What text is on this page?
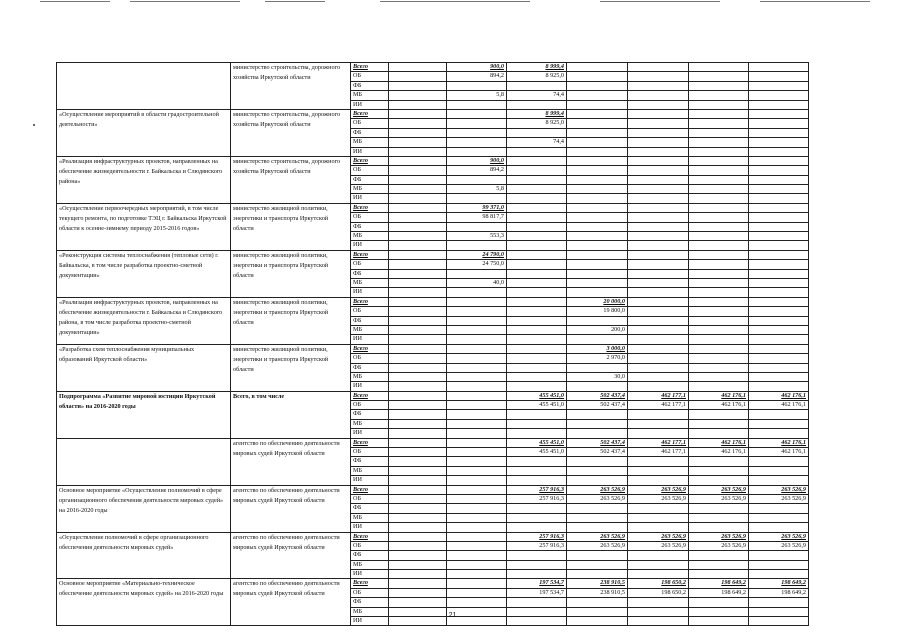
	министерство строительства, дорожного хозяйства Иркутской области	Всего		900,0	8 999,4				
		ОБ		894,2	8 925,0				
		ФБ							
		МБ		5,8	74,4				
		ИИ							
«Осуществление мероприятий в области градостроительной деятельности»	министерство строительства, дорожного хозяйства Иркутской области	Всего			8 999,4				
		ОБ			8 925,0				
		ФБ							
		МБ			74,4				
		ИИ							
«Реализация инфраструктурных проектов, направленных на обеспечение жизнедеятельности г. Байкальска и Слюдянского района»	министерство строительства, дорожного хозяйства Иркутской области	Всего		900,0					
		ОБ		894,2					
		ФБ							
		МБ		5,8					
		ИИ							
«Осуществление первоочередных мероприятий, в том числе текущего ремонта, по подготовке ТЭЦ г. Байкальска Иркутской области к осенне-зимнему периоду 2015-2016 годов»	министерство жилищной политики, энергетики и транспорта Иркутской области	Всего		99 371,0					
		ОБ		98 817,7					
		ФБ							
		МБ		553,3					
		ИИ							
«Реконструкция системы теплоснабжения (тепловые сети) г. Байкальска, в том числе разработка проектно-сметной документации»	министерство жилищной политики, энергетики и транспорта Иркутской области	Всего		24 790,0					
		ОБ		24 750,0					
		ФБ							
		МБ		40,0					
		ИИ							
«Реализация инфраструктурных проектов, направленных на обеспечение жизнедеятельности г. Байкальска и Слюдянского района, в том числе разработка проектно-сметной документации»	министерство жилищной политики, энергетики и транспорта Иркутской области	Всего				20 000,0			
		ОБ				19 800,0			
		ФБ							
		МБ				200,0			
		ИИ							
«Разработка схем теплоснабжения муниципальных образований Иркутской области»	министерство жилищной политики, энергетики и транспорта Иркутской области	Всего				3 000,0			
		ОБ				2 970,0			
		ФБ							
		МБ				30,0			
		ИИ							
Подпрограмма «Развитие мировой юстиции Иркутской области» на 2016-2020 годы	Всего, в том числе	Всего			455 451,0	502 437,4	462 177,1	462 176,1	462 176,1
		ОБ			455 451,0	502 437,4	462 177,1	462 176,1	462 176,1
		ФБ							
		МБ							
		ИИ							
	агентство по обеспечению деятельности мировых судей Иркутской области	Всего			455 451,0	502 437,4	462 177,1	462 176,1	462 176,1
		ОБ			455 451,0	502 437,4	462 177,1	462 176,1	462 176,1
		ФБ							
		МБ							
		ИИ							
Основное мероприятие «Осуществление полномочий в сфере организационного обеспечения деятельности мировых судей» на 2016-2020 годы	агентство по обеспечению деятельности мировых судей Иркутской области	Всего			257 916,3	263 526,9	263 526,9	263 526,9	263 526,9
		ОБ			257 916,3	263 526,9	263 526,9	263 526,9	263 526,9
		ФБ							
		МБ							
		ИИ							
«Осуществление полномочий в сфере организационного обеспечения деятельности мировых судей»	агентство по обеспечению деятельности мировых судей Иркутской области	Всего			257 916,3	263 526,9	263 526,9	263 526,9	263 526,9
		ОБ			257 916,3	263 526,9	263 526,9	263 526,9	263 526,9
		ФБ							
		МБ							
		ИИ							
Основное мероприятие «Материально-техническое обеспечение деятельности мировых судей» на 2016-2020 годы	агентство по обеспечению деятельности мировых судей Иркутской области	Всего			197 534,7	238 910,5	198 650,2	198 649,2	198 649,2
		ОБ			197 534,7	238 910,5	198 650,2	198 649,2	198 649,2
		ФБ							
		МБ							
		ИИ							
21
